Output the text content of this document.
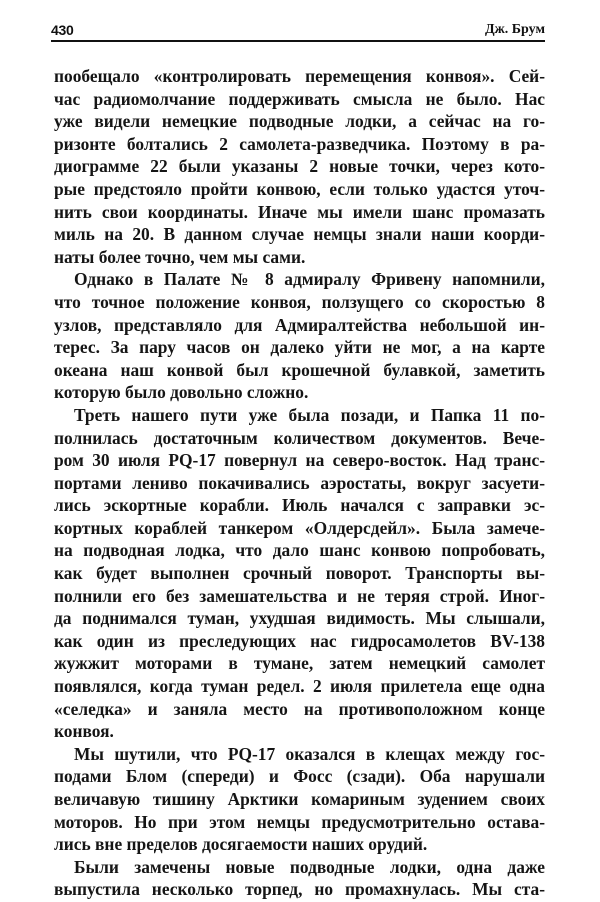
430	Дж. Брум
пообещало «контролировать перемещения конвоя». Сей-
час радиомолчание поддерживать смысла не было. Нас
уже видели немецкие подводные лодки, а сейчас на го-
ризонте болтались 2 самолета-разведчика. Поэтому в ра-
диограмме 22 были указаны 2 новые точки, через кото-
рые предстояло пройти конвою, если только удастся уточ-
нить свои координаты. Иначе мы имели шанс промазать
миль на 20. В данном случае немцы знали наши коорди-
наты более точно, чем мы сами.
Однако в Палате № 8 адмиралу Фривену напомнили,
что точное положение конвоя, ползущего со скоростью 8
узлов, представляло для Адмиралтейства небольшой ин-
терес. За пару часов он далеко уйти не мог, а на карте
океана наш конвой был крошечной булавкой, заметить
которую было довольно сложно.
Треть нашего пути уже была позади, и Папка 11 по-
полнилась достаточным количеством документов. Вече-
ром 30 июля PQ-17 повернул на северо-восток. Над транс-
портами лениво покачивались аэростаты, вокруг засуети-
лись эскортные корабли. Июль начался с заправки эс-
кортных кораблей танкером «Олдерсдейл». Была замече-
на подводная лодка, что дало шанс конвою попробовать,
как будет выполнен срочный поворот. Транспорты вы-
полнили его без замешательства и не теряя строй. Иног-
да поднимался туман, ухудшая видимость. Мы слышали,
как один из преследующих нас гидросамолетов BV-138
жужжит моторами в тумане, затем немецкий самолет
появлялся, когда туман редел. 2 июля прилетела еще одна
«селедка» и заняла место на противоположном конце
конвоя.
Мы шутили, что PQ-17 оказался в клещах между гос-
подами Блом (спереди) и Фосс (сзади). Оба нарушали
величавую тишину Арктики комариным зудением своих
моторов. Но при этом немцы предусмотрительно остава-
лись вне пределов досягаемости наших орудий.
Были замечены новые подводные лодки, одна даже
выпустила несколько торпед, но промахнулась. Мы ста-
